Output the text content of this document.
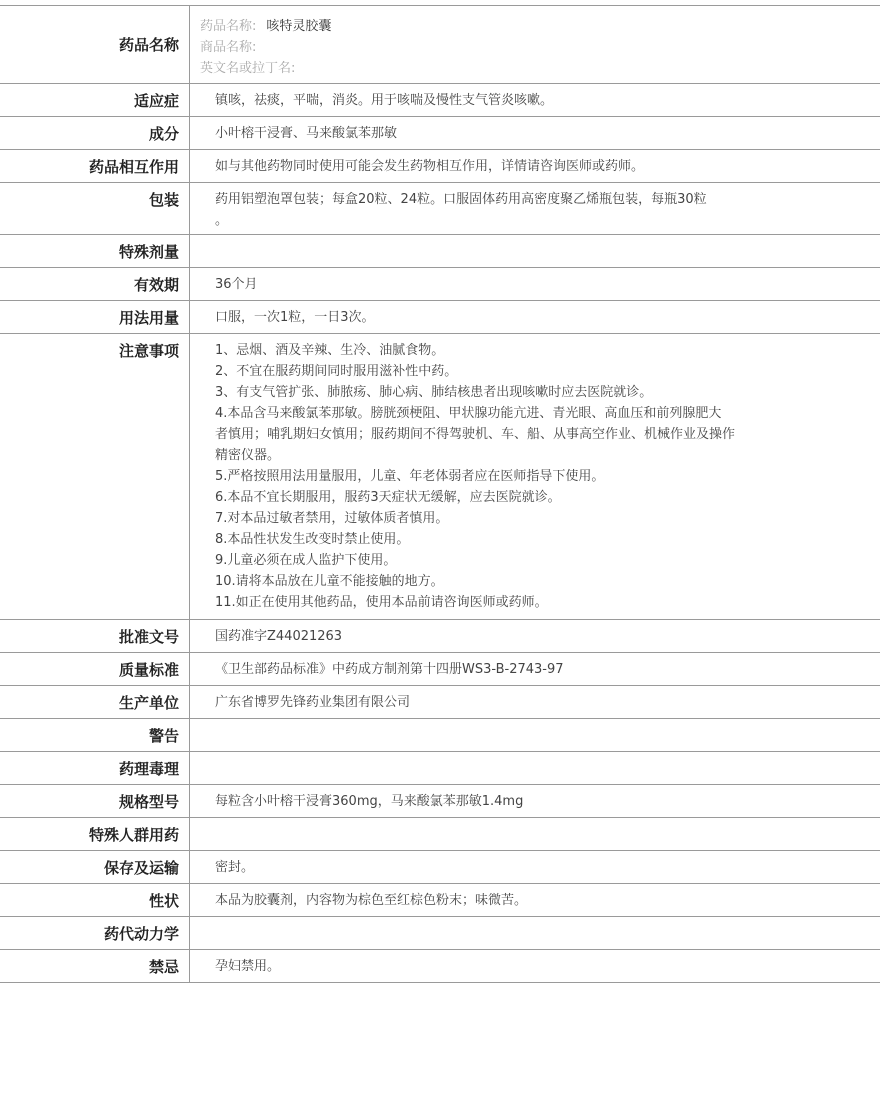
药品名称
药品名称: 咳特灵胶囊
商品名称:
英文名或拉丁名:
适应症	镇咳，祛痰，平喘，消炎。用于咳喘及慢性支气管炎咳嗽。
成分	小叶榕干浸膏、马来酸氯苯那敏
药品相互作用	如与其他药物同时使用可能会发生药物相互作用，详情请咨询医师或药师。
包装	药用铝塑泡罩包装；每盒20粒、24粒。口服固体药用高密度聚乙烯瓶包装，每瓶30粒
。
特殊剂量
有效期	36个月
用法用量	口服，一次1粒，一日3次。
注意事项	1、忌烟、酒及辛辣、生冷、油腻食物。
2、不宜在服药期间同时服用滋补性中药。
3、有支气管扩张、肺脓疡、肺心病、肺结核患者出现咳嗽时应去医院就诊。
4.本品含马来酸氯苯那敏。膀胱颈梗阻、甲状腺功能亢进、青光眼、高血压和前列腺肥大
者慎用；哺乳期妇女慎用；服药期间不得驾驶机、车、船、从事高空作业、机械作业及操作
精密仪器。
5.严格按照用法用量服用，儿童、年老体弱者应在医师指导下使用。
6.本品不宜长期服用，服药3天症状无缓解，应去医院就诊。
7.对本品过敏者禁用，过敏体质者慎用。
8.本品性状发生改变时禁止使用。
9.儿童必须在成人监护下使用。
10.请将本品放在儿童不能接触的地方。
11.如正在使用其他药品，使用本品前请咨询医师或药师。
批准文号	国药准字Z44021263
质量标准	《卫生部药品标准》中药成方制剂第十四册WS3-B-2743-97
生产单位	广东省博罗先锋药业集团有限公司
警告
药理毒理
规格型号	每粒含小叶榕干浸膏360mg，马来酸氯苯那敏1.4mg
特殊人群用药
保存及运输	密封。
性状	本品为胶囊剂，内容物为棕色至红棕色粉末；味微苦。
药代动力学
禁忌	孕妇禁用。
